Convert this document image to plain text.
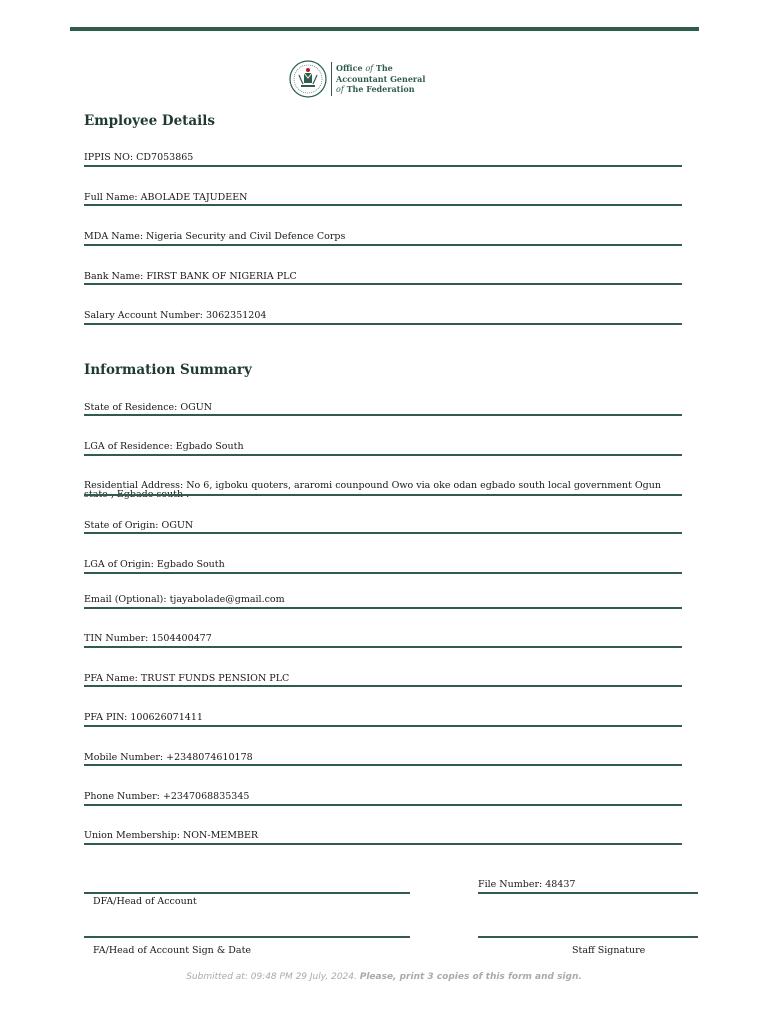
Office of The
Accountant General
of The Federation
Employee Details
IPPIS NO: CD7053865
Full Name: ABOLADE TAJUDEEN
MDA Name: Nigeria Security and Civil Defence Corps
Bank Name: FIRST BANK OF NIGERIA PLC
Salary Account Number: 3062351204
Information Summary
State of Residence: OGUN
LGA of Residence: Egbado South
Residential Address: No 6, igboku quoters, araromi counpound Owo via oke odan egbado south local government Ogun
State of Origin: OGUN
LGA of Origin: Egbado South
Email (Optional): tjayabolade@gmail.com
TIN Number: 1504400477
PFA Name: TRUST FUNDS PENSION PLC
PFA PIN: 100626071411
Mobile Number: +2348074610178
Phone Number: +2347068835345
Union Membership: NON-MEMBER
File Number: 48437
DFA/Head of Account
FA/Head of Account Sign & Date	Staff Signature
Submitted at: 09:48 PM 29 July, 2024. Please, print 3 copies of this form and sign.
